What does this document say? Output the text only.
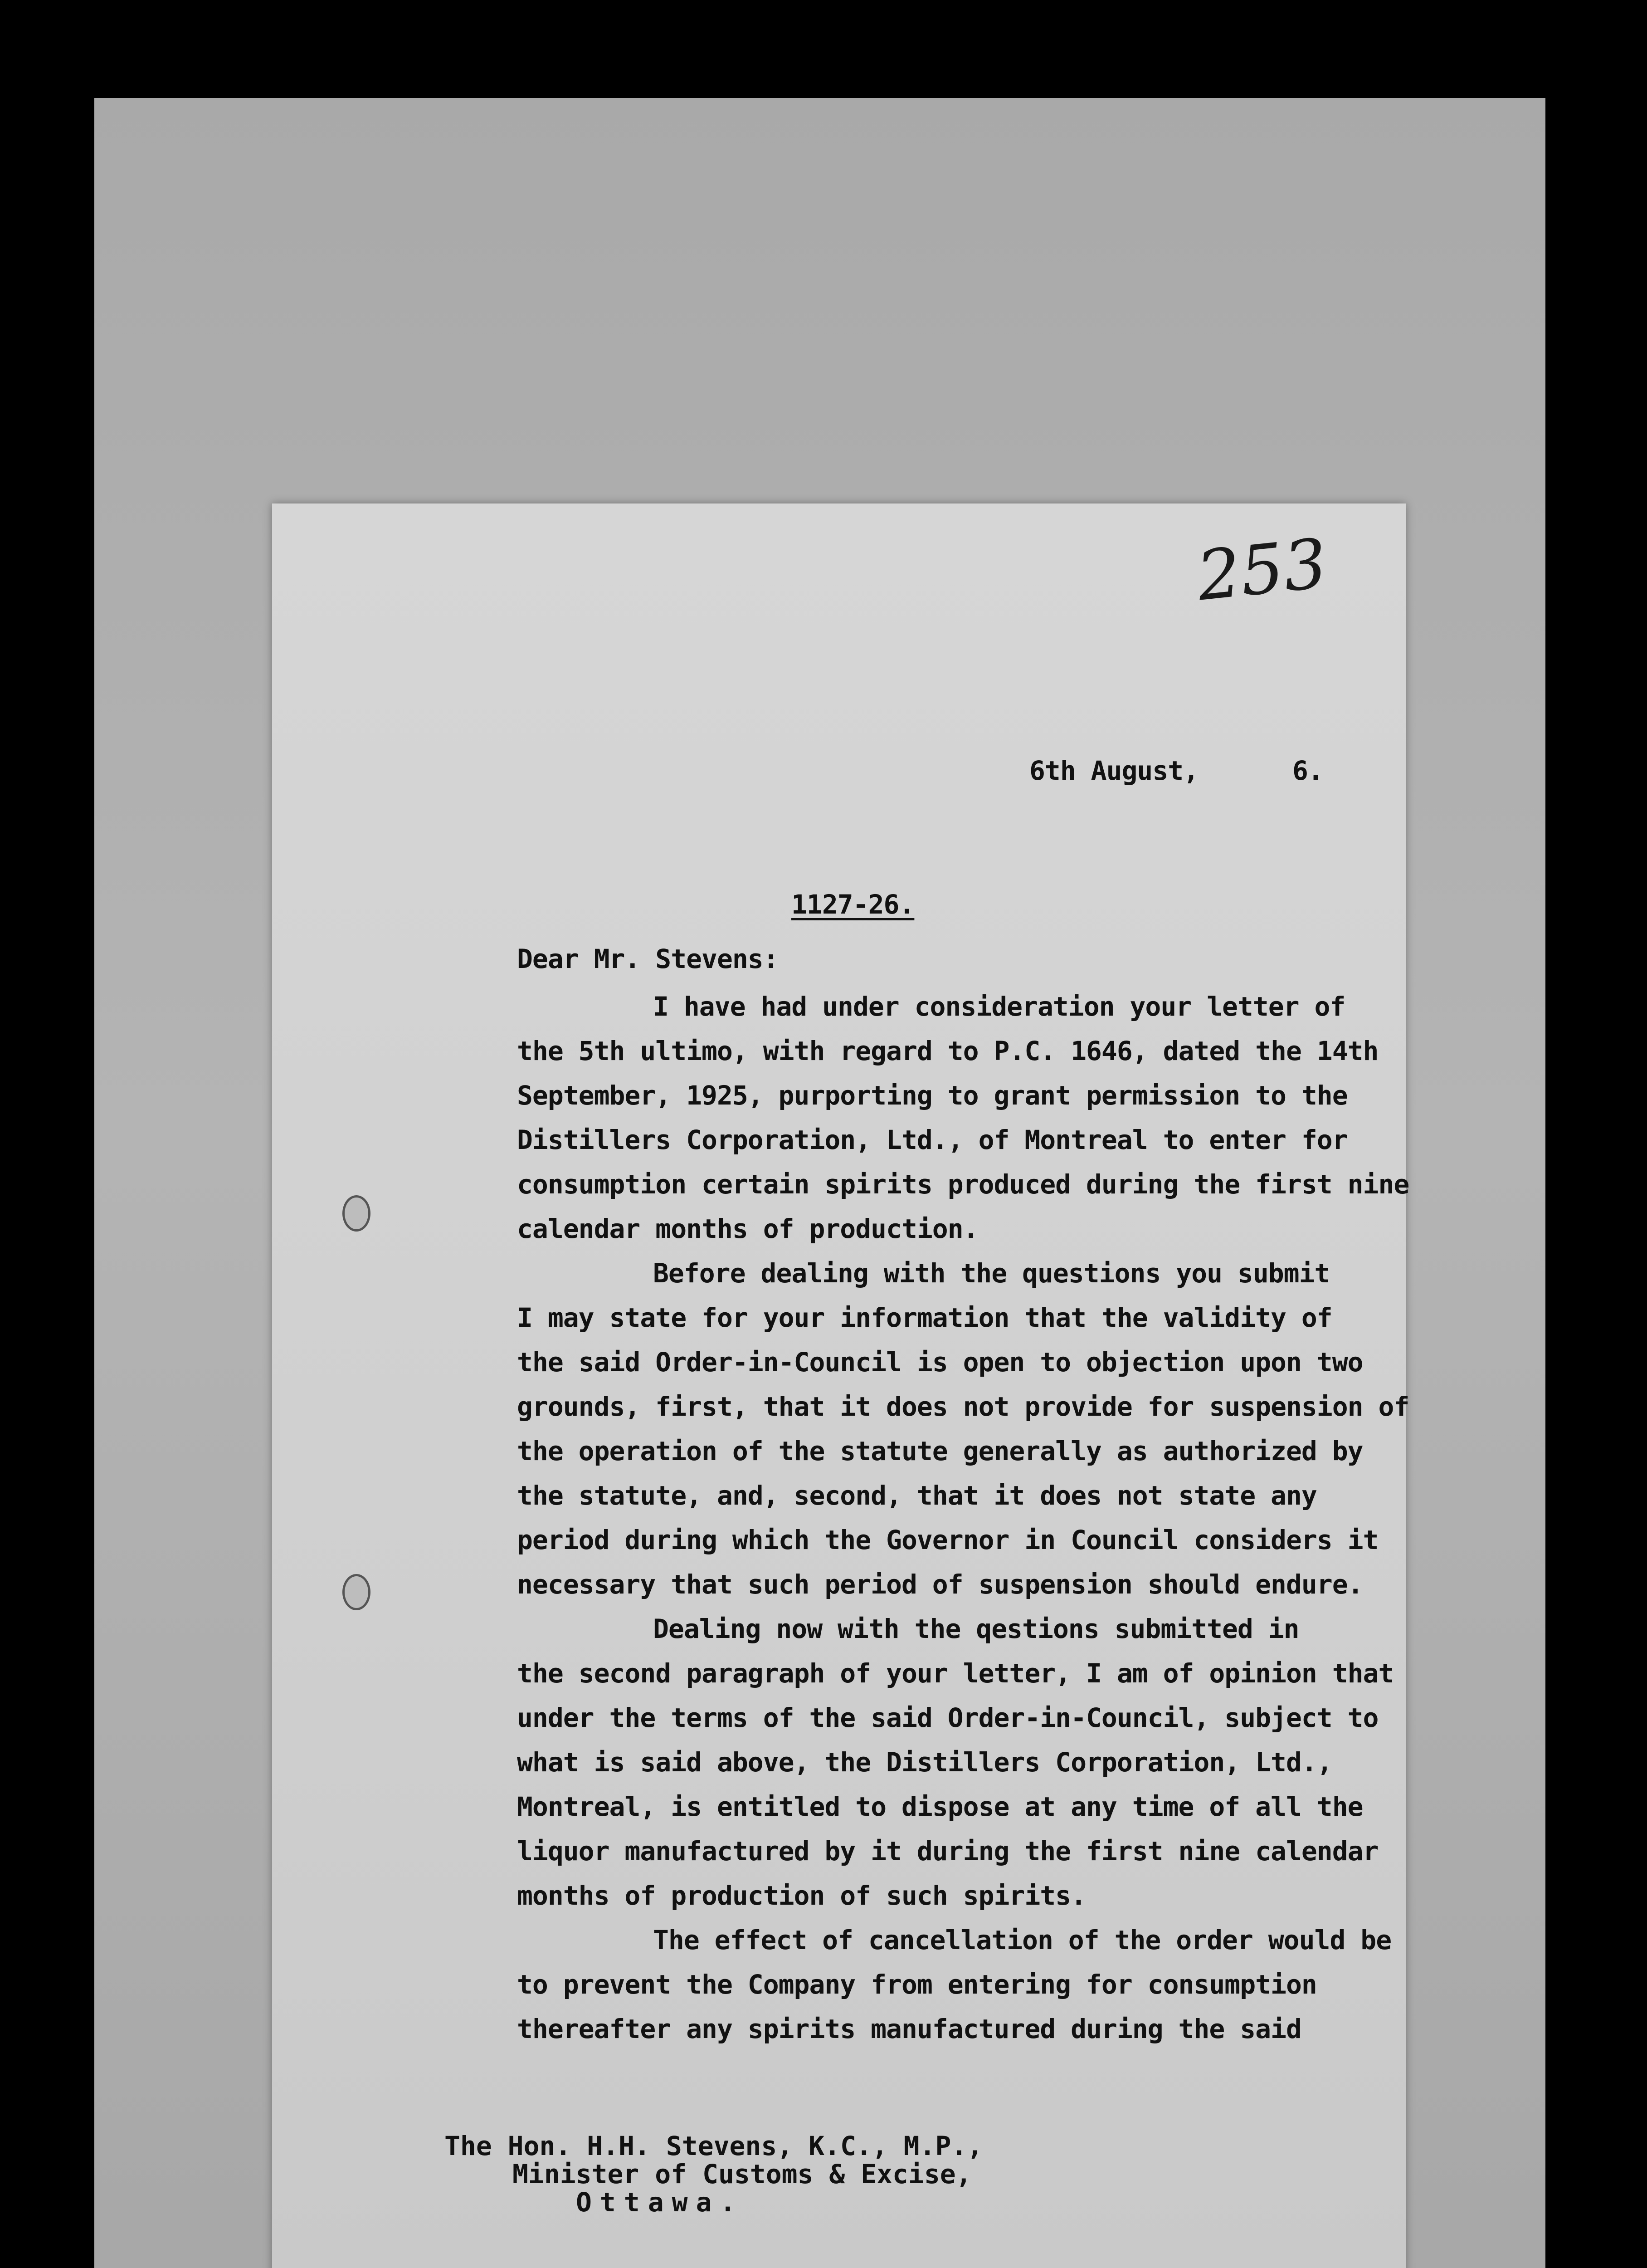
253
6th August,	6.
1127-26.
Dear Mr. Stevens:
I have had under consideration your letter of
the 5th ultimo, with regard to P.C. 1646, dated the 14th
September, 1925, purporting to grant permission to the
Distillers Corporation, Ltd., of Montreal to enter for
consumption certain spirits produced during the first nine
calendar months of production.
Before dealing with the questions you submit
I may state for your information that the validity of
the said Order-in-Council is open to objection upon two
grounds, first, that it does not provide for suspension of
the operation of the statute generally as authorized by
the statute, and, second, that it does not state any
period during which the Governor in Council considers it
necessary that such period of suspension should endure.
Dealing now with the qestions submitted in
the second paragraph of your letter, I am of opinion that
under the terms of the said Order-in-Council, subject to
what is said above, the Distillers Corporation, Ltd.,
Montreal, is entitled to dispose at any time of all the
liquor manufactured by it during the first nine calendar
months of production of such spirits.
The effect of cancellation of the order would be
to prevent the Company from entering for consumption
thereafter any spirits manufactured during the said
The Hon. H.H. Stevens, K.C., M.P.,
Minister of Customs & Excise,
Ottawa.
